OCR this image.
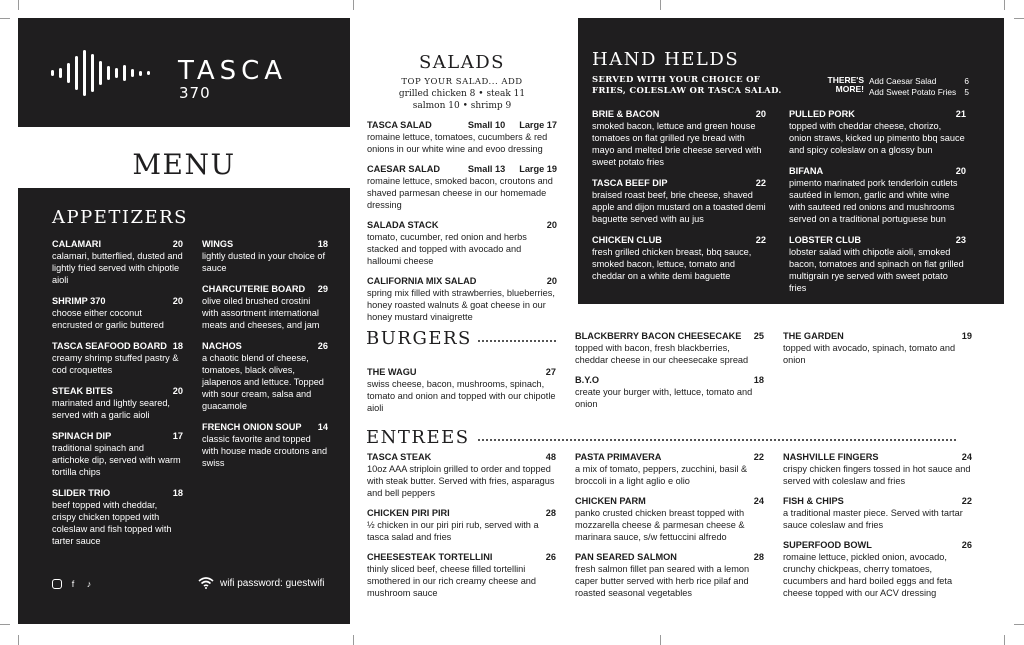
TASCA
370
MENU
APPETIZERS
CALAMARI	20
calamari, butterflied, dusted and lightly fried served with chipotle aioli
SHRIMP 370	20
choose either coconut encrusted or garlic buttered
TASCA SEAFOOD BOARD 18
creamy shrimp stuffed pastry & cod croquettes
STEAK BITES	20
marinated and lightly seared, served with a garlic aioli
SPINACH DIP	17
traditional spinach and artichoke dip, served with warm tortilla chips
SLIDER TRIO	18
beef topped with cheddar, crispy chicken topped with coleslaw and fish topped with tarter sauce
WINGS	18
lightly dusted in your choice of sauce
CHARCUTERIE BOARD 29
olive oiled brushed crostini with assortment international meats and cheeses, and jam
NACHOS	26
a chaotic blend of cheese, tomatoes, black olives, jalapenos and lettuce. Topped with sour cream, salsa and guacamole
FRENCH ONION SOUP 14
classic favorite and topped with house made croutons and swiss
f	♪	wifi password: guestwifi
SALADS
TOP YOUR SALAD... ADD
grilled chicken 8 • steak 11
salmon 10 • shrimp 9
TASCA SALAD	Small 10 Large 17
romaine lettuce, tomatoes, cucumbers & red onions in our white wine and evoo dressing
CAESAR SALAD	Small 13 Large 19
romaine lettuce, smoked bacon, croutons and shaved parmesan cheese in our homemade dressing
SALADA STACK	20
tomato, cucumber, red onion and herbs stacked and topped with avocado and halloumi cheese
CALIFORNIA MIX SALAD	20
spring mix filled with strawberries, blueberries, honey roasted walnuts & goat cheese in our honey mustard vinaigrette
HAND HELDS
SERVED WITH YOUR CHOICE OF FRIES, COLESLAW OR TASCA SALAD.
THERE'S MORE!
Add Caesar Salad	6
Add Sweet Potato Fries 5
BRIE & BACON	20
smoked bacon, lettuce and green house tomatoes on flat grilled rye bread with mayo and melted brie cheese served with sweet potato fries
TASCA BEEF DIP	22
braised roast beef, brie cheese, shaved apple and dijon mustard on a toasted demi baguette served with au jus
CHICKEN CLUB	22
fresh grilled chicken breast, bbq sauce, smoked bacon, lettuce, tomato and cheddar on a white demi baguette
PULLED PORK	21
topped with cheddar cheese, chorizo, onion straws, kicked up pimento bbq sauce and spicy coleslaw on a glossy bun
BIFANA	20
pimento marinated pork tenderloin cutlets sautéed in lemon, garlic and white wine with sauteed red onions and mushrooms served on a traditional portuguese bun
LOBSTER CLUB	23
lobster salad with chipotle aioli, smoked bacon, tomatoes and spinach on flat grilled multigrain rye served with sweet potato fries
BURGERS
THE WAGU	27
swiss cheese, bacon, mushrooms, spinach, tomato and onion and topped with our chipotle aioli
BLACKBERRY BACON CHEESECAKE 25
topped with bacon, fresh blackberries, cheddar cheese in our cheesecake spread
B.Y.O	18
create your burger with, lettuce, tomato and onion
THE GARDEN	19
topped with avocado, spinach, tomato and onion
ENTREES
TASCA STEAK	48
10oz AAA striploin grilled to order and topped with steak butter. Served with fries, asparagus and bell peppers
CHICKEN PIRI PIRI	28
½ chicken in our piri piri rub, served with a tasca salad and fries
CHEESESTEAK TORTELLINI	26
thinly sliced beef, cheese filled tortellini smothered in our rich creamy cheese and mushroom sauce
PASTA PRIMAVERA	22
a mix of tomato, peppers, zucchini, basil & broccoli in a light aglio e olio
CHICKEN PARM	24
panko crusted chicken breast topped with mozzarella cheese & parmesan cheese & marinara sauce, s/w fettuccini alfredo
PAN SEARED SALMON	28
fresh salmon fillet pan seared with a lemon caper butter served with herb rice pilaf and roasted seasonal vegetables
NASHVILLE FINGERS	24
crispy chicken fingers tossed in hot sauce and served with coleslaw and fries
FISH & CHIPS	22
a traditional master piece. Served with tartar sauce coleslaw and fries
SUPERFOOD BOWL	26
romaine lettuce, pickled onion, avocado, crunchy chickpeas, cherry tomatoes, cucumbers and hard boiled eggs and feta cheese topped with our ACV dressing
